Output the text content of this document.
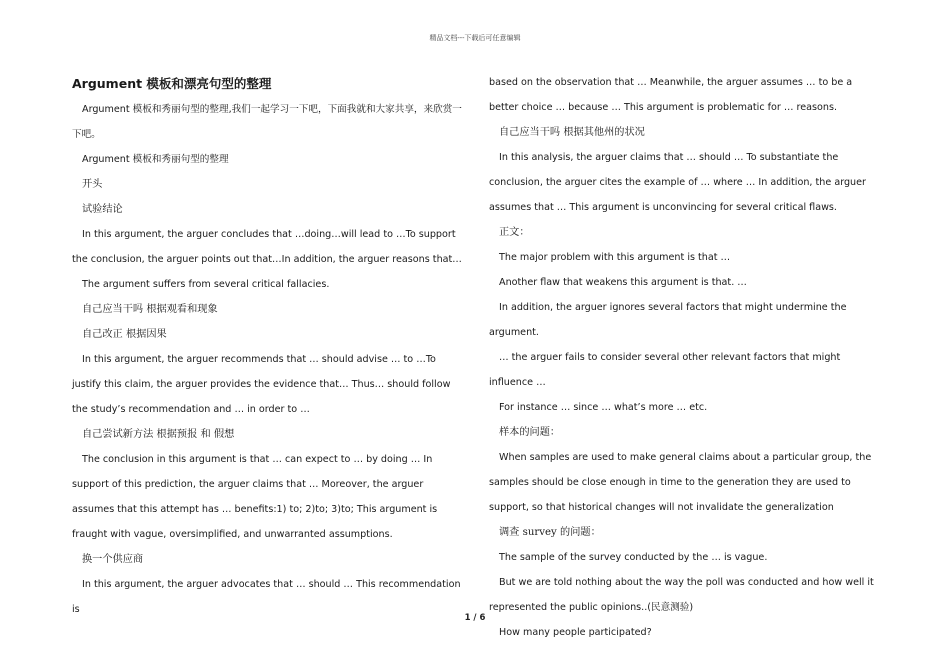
精品文档---下载后可任意编辑
Argument 模板和漂亮句型的整理

Argument 模板和秀丽句型的整理,我们一起学习一下吧，下面我就和大家共享，来欣赏一下吧。

Argument 模板和秀丽句型的整理

开头

试验结论

In this argument, the arguer concludes that …doing…will lead to …To support the conclusion, the arguer points out that…In addition, the arguer reasons that…

The argument suffers from several critical fallacies.

自己应当干吗 根据观看和现象

自己改正 根据因果

In this argument, the arguer recommends that … should advise … to …To justify this claim, the arguer provides the evidence that… Thus… should follow the study’s recommendation and … in order to …

自己尝试新方法 根据预报 和 假想

The conclusion in this argument is that … can expect to … by doing … In support of this prediction, the arguer claims that … Moreover, the arguer assumes that this attempt has … benefits:1) to; 2)to; 3)to; This argument is fraught with vague, oversimplified, and unwarranted assumptions.

换一个供应商

In this argument, the arguer advocates that … should … This recommendation is

based on the observation that … Meanwhile, the arguer assumes … to be a better choice … because … This argument is problematic for … reasons.

自己应当干吗 根据其他州的状况

In this analysis, the arguer claims that … should … To substantiate the conclusion, the arguer cites the example of … where … In addition, the arguer assumes that … This argument is unconvincing for several critical flaws.

正文：

The major problem with this argument is that …

Another flaw that weakens this argument is that. …

In addition, the arguer ignores several factors that might undermine the argument.

… the arguer fails to consider several other relevant factors that might influence …

For instance … since … what’s more … etc.

样本的问题：

When samples are used to make general claims about a particular group, the samples should be close enough in time to the generation they are used to support, so that historical changes will not invalidate the generalization

调查 survey 的问题：

The sample of the survey conducted by the … is vague.

But we are told nothing about the way the poll was conducted and how well it represented the public opinions..(民意测验)

How many people participated?

1 / 6
